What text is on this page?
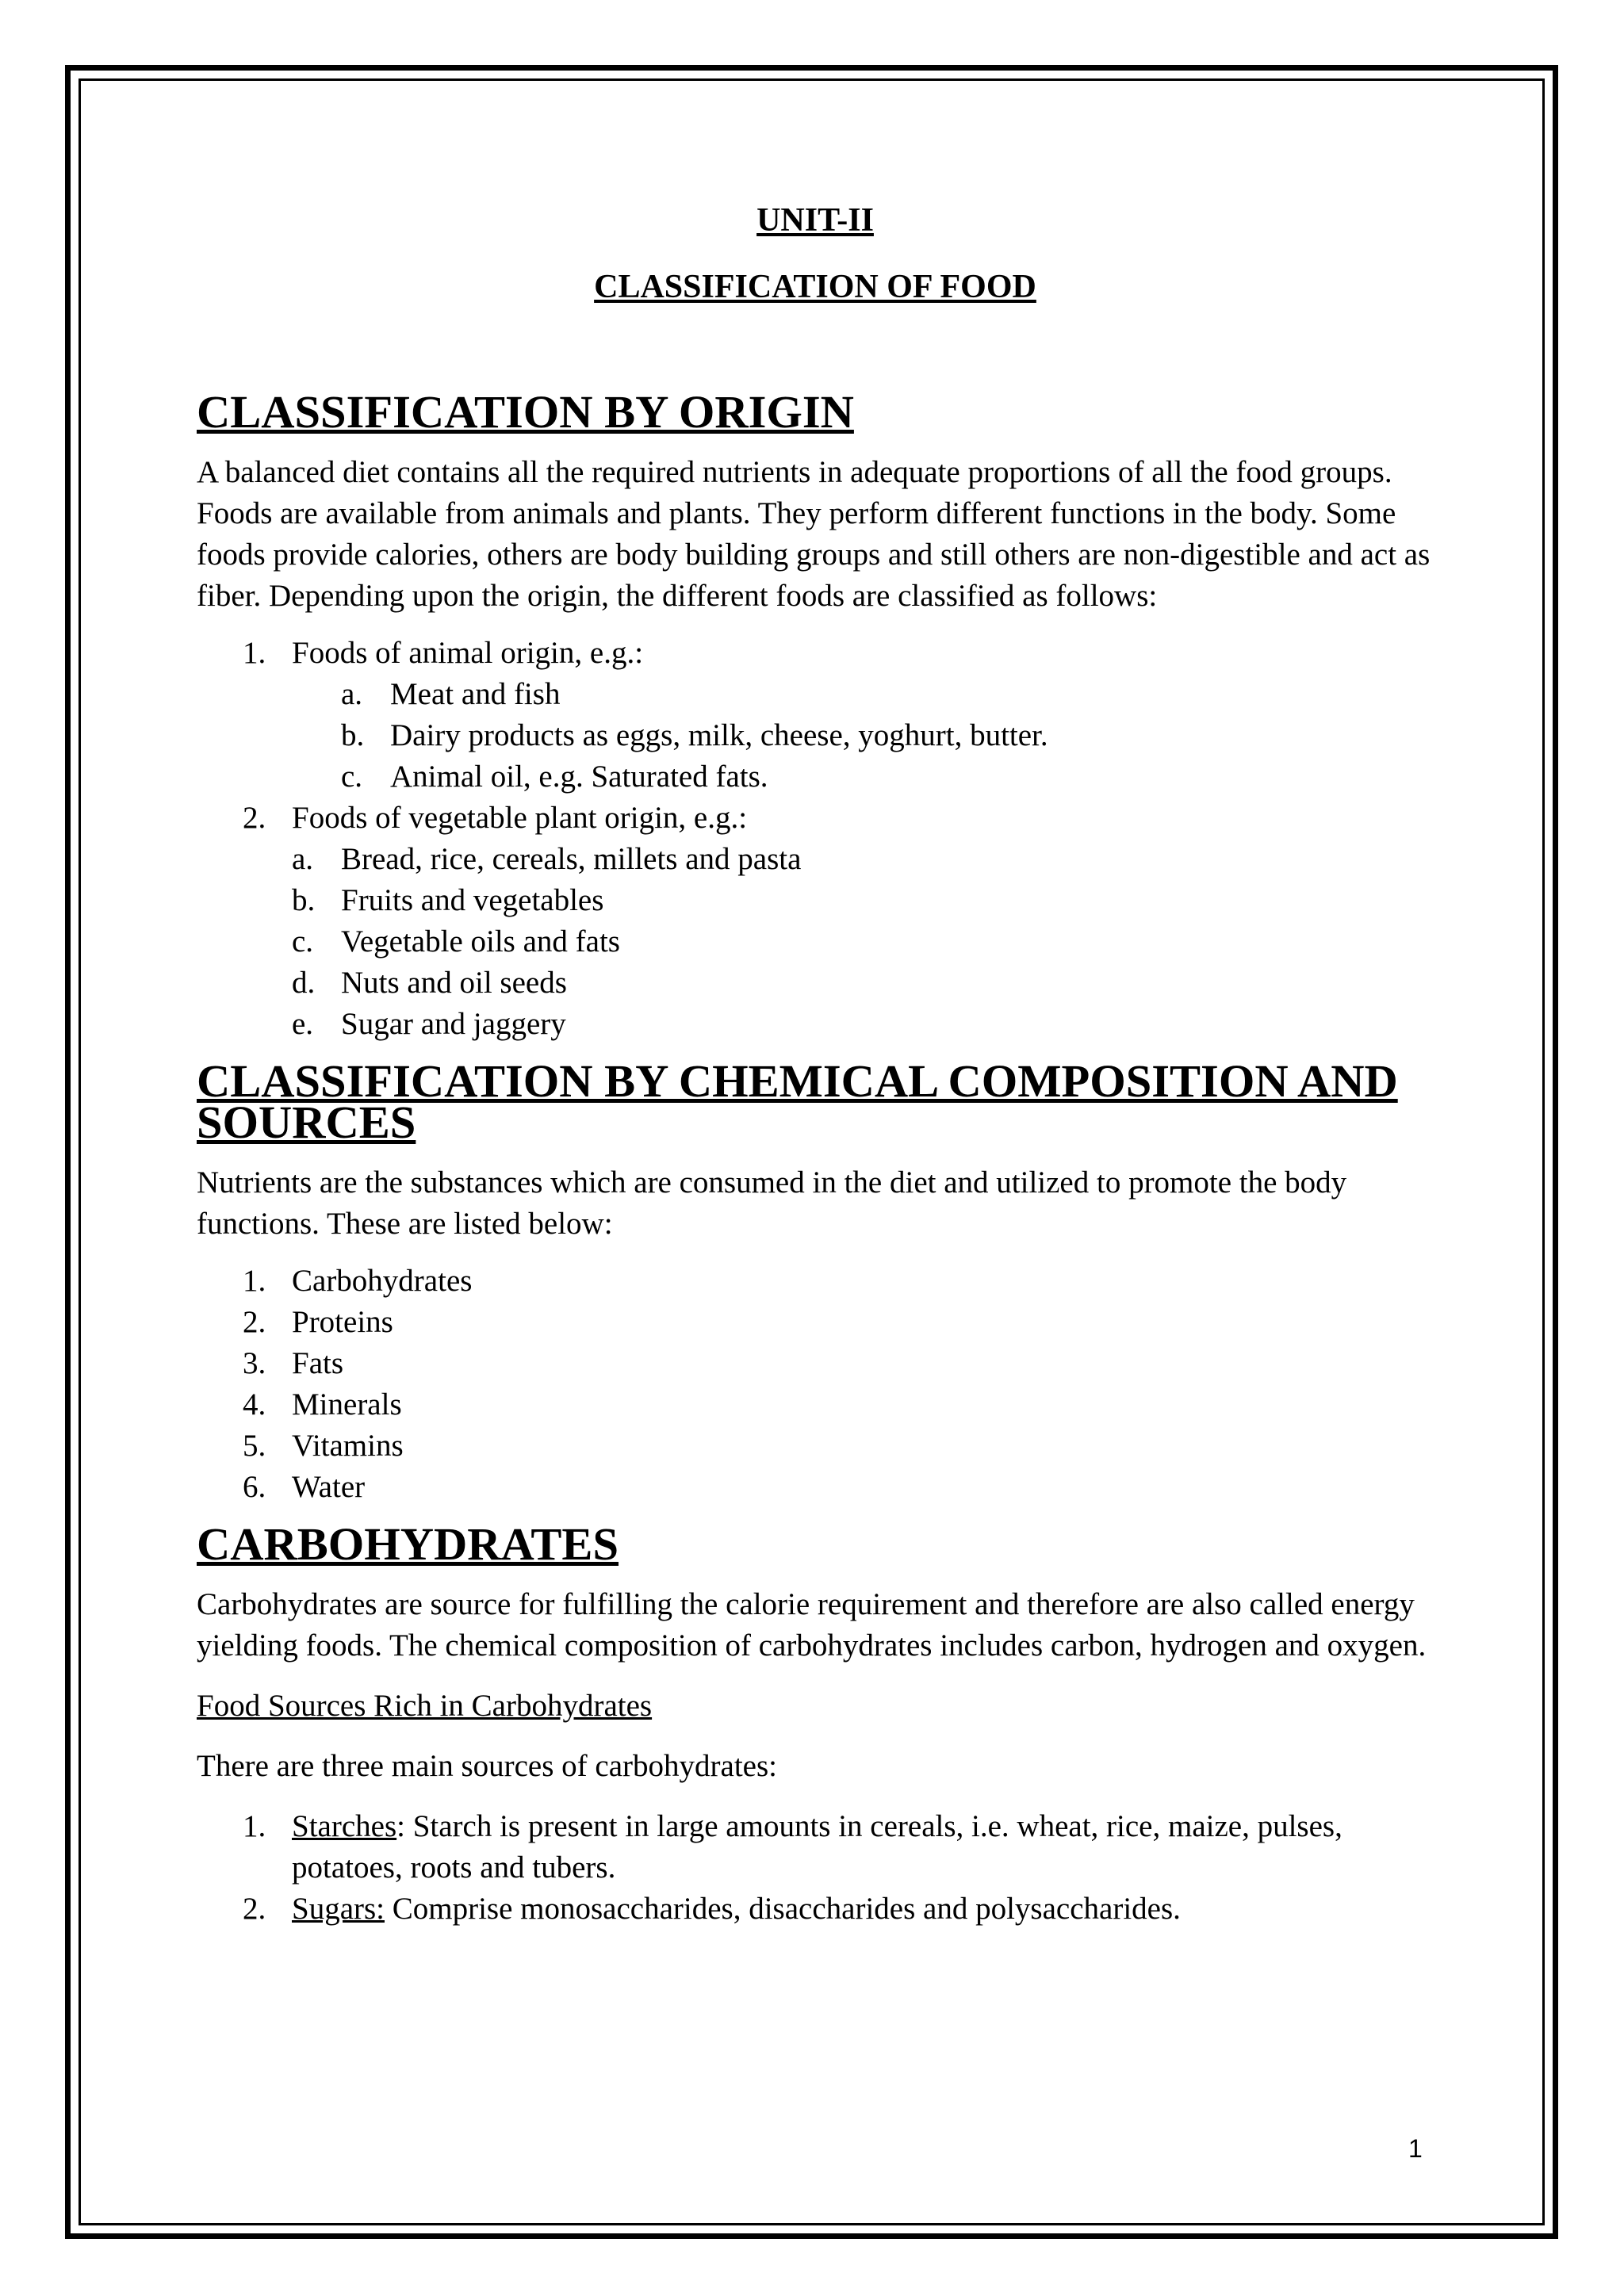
UNIT-II
CLASSIFICATION OF FOOD
CLASSIFICATION BY ORIGIN

A balanced diet contains all the required nutrients in adequate proportions of all the food groups. Foods are available from animals and plants. They perform different functions in the body. Some foods provide calories, others are body building groups and still others are non-digestible and act as fiber. Depending upon the origin, the different foods are classified as follows:

1. Foods of animal origin, e.g.:
a. Meat and fish
b. Dairy products as eggs, milk, cheese, yoghurt, butter.
c. Animal oil, e.g. Saturated fats.
2. Foods of vegetable plant origin, e.g.:
a. Bread, rice, cereals, millets and pasta
b. Fruits and vegetables
c. Vegetable oils and fats
d. Nuts and oil seeds
e. Sugar and jaggery
CLASSIFICATION BY CHEMICAL COMPOSITION AND SOURCES

Nutrients are the substances which are consumed in the diet and utilized to promote the body functions. These are listed below:

1. Carbohydrates
2. Proteins
3. Fats
4. Minerals
5. Vitamins
6. Water
CARBOHYDRATES

Carbohydrates are source for fulfilling the calorie requirement and therefore are also called energy yielding foods. The chemical composition of carbohydrates includes carbon, hydrogen and oxygen.

Food Sources Rich in Carbohydrates

There are three main sources of carbohydrates:

1. Starches: Starch is present in large amounts in cereals, i.e. wheat, rice, maize, pulses, potatoes, roots and tubers.
2. Sugars: Comprise monosaccharides, disaccharides and polysaccharides.
1
